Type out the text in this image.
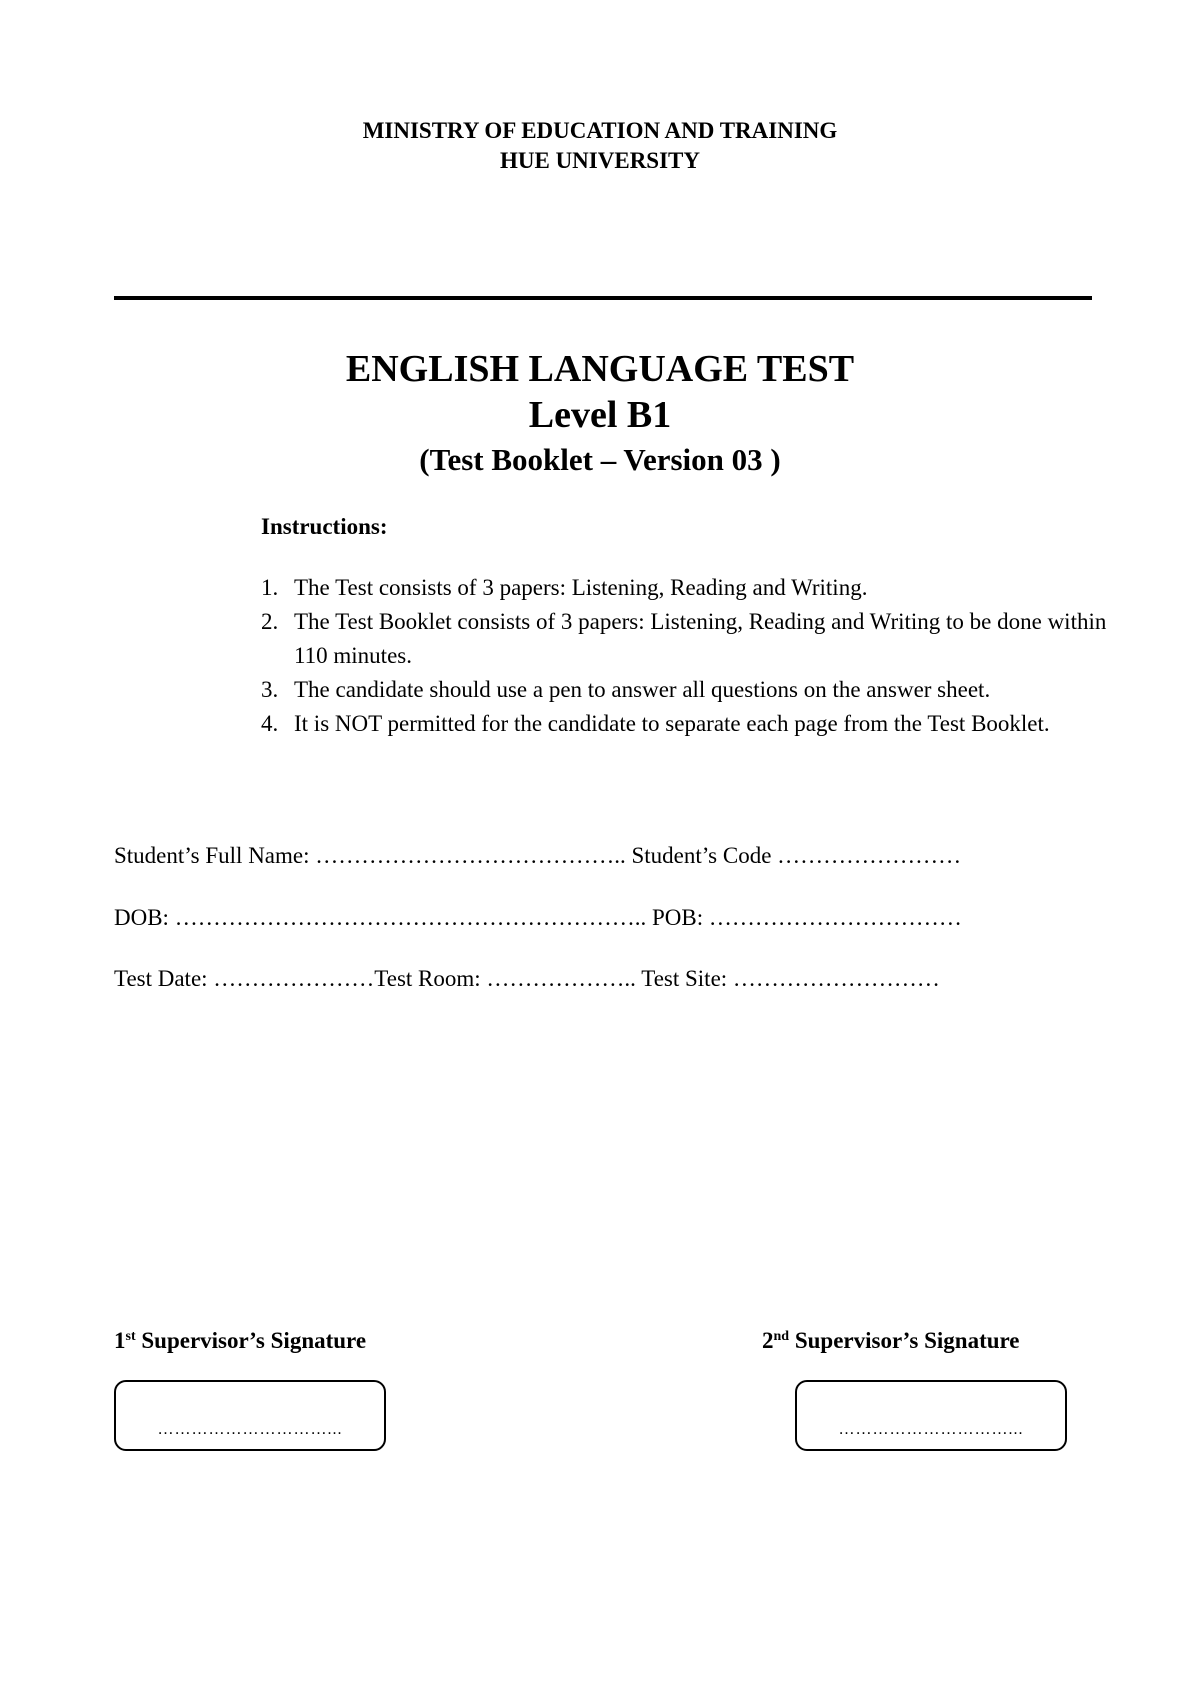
MINISTRY OF EDUCATION AND TRAINING
HUE UNIVERSITY
ENGLISH LANGUAGE TEST
Level B1
(Test Booklet – Version 03 )
Instructions:
1. The Test consists of 3 papers: Listening, Reading and Writing.
2. The Test Booklet consists of 3 papers: Listening, Reading and Writing to be done within 110 minutes.
3. The candidate should use a pen to answer all questions on the answer sheet.
4. It is NOT permitted for the candidate to separate each page from the Test Booklet.
Student’s Full Name: ………………………………….. Student’s Code ……………………
DOB: …………………………………………………….. POB: ……………………………
Test Date: …………………Test Room: ……………….. Test Site: ………………………
1st Supervisor’s Signature	2nd Supervisor’s Signature
…………………………...	…………………………...
